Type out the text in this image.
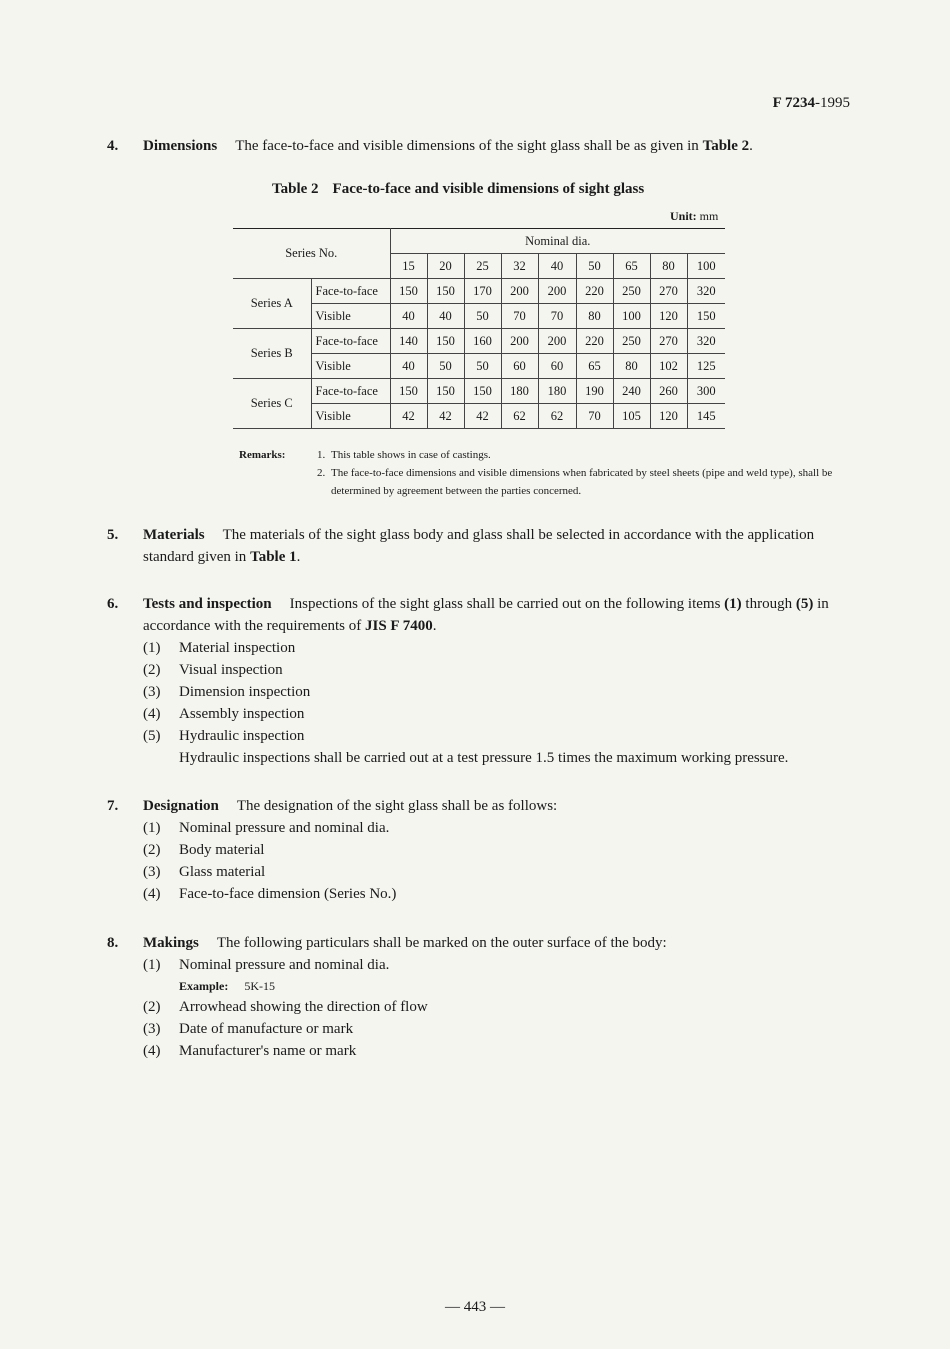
F 7234-1995
4. Dimensions The face-to-face and visible dimensions of the sight glass shall be as given in Table 2.
Table 2 Face-to-face and visible dimensions of sight glass
Unit: mm
Series No.		Nominal dia.								
		15	20	25	32	40	50	65	80	100
Series A	Face-to-face	150	150	170	200	200	220	250	270	320
	Visible	40	40	50	70	70	80	100	120	150
Series B	Face-to-face	140	150	160	200	200	220	250	270	320
	Visible	40	50	50	60	60	65	80	102	125
Series C	Face-to-face	150	150	150	180	180	190	240	260	300
	Visible	42	42	42	62	62	70	105	120	145
Remarks:	1. This table shows in case of castings.
2. The face-to-face dimensions and visible dimensions when fabricated by steel sheets (pipe and weld type), shall be determined by agreement between the parties concerned.
5. Materials The materials of the sight glass body and glass shall be selected in accordance with the application standard given in Table 1.
6. Tests and inspection Inspections of the sight glass shall be carried out on the following items (1) through (5) in accordance with the requirements of JIS F 7400.
(1)	Material inspection
(2)	Visual inspection
(3)	Dimension inspection
(4)	Assembly inspection
(5)	Hydraulic inspection
Hydraulic inspections shall be carried out at a test pressure 1.5 times the maximum working pressure.
7. Designation The designation of the sight glass shall be as follows:
(1)	Nominal pressure and nominal dia.
(2)	Body material
(3)	Glass material
(4)	Face-to-face dimension (Series No.)
8. Makings The following particulars shall be marked on the outer surface of the body:
(1)	Nominal pressure and nominal dia.
Example: 5K-15
(2)	Arrowhead showing the direction of flow
(3)	Date of manufacture or mark
(4)	Manufacturer's name or mark
— 443 —
